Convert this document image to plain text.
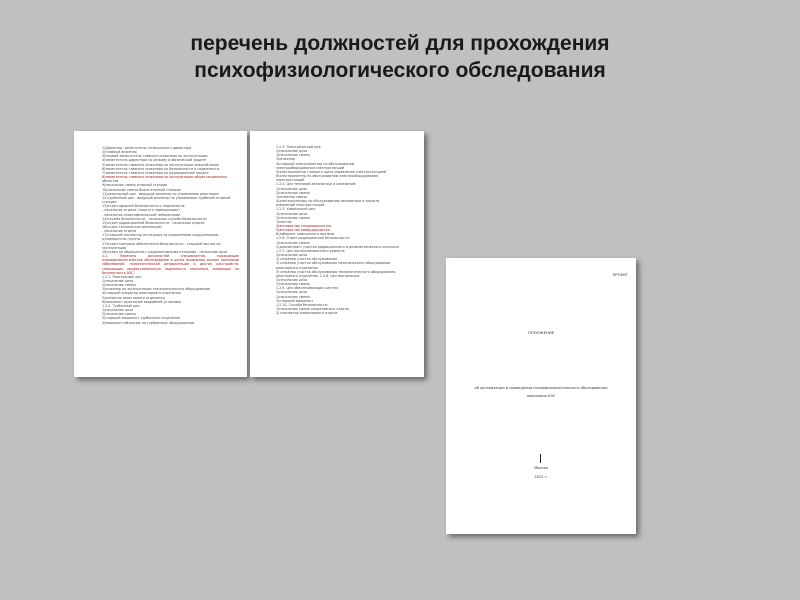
перечень должностей для прохождения
психофизиологического обследования
1)Директор, заместитель генерального директора
2)главный инженер
3)первый заместитель главного инженера по эксплуатации
4)заместитель директора по режиму и физической защите
5)заместитель главного инженера по эксплуатации энергоблоков
6)заместитель главного инженера по безопасности и надежности
7)заместитель главного инженера по радиационной защите
8)заместитель главного инженера по эксплуатации общестанционных
объектов
9)начальник смены атомной станции
10)начальник смены блока атомной станции
11)реакторный цех - ведущий инженер по управлению реактором
12)турбинный цех - ведущий инженер по управлению турбиной атомной
станции
13)отдел ядерной безопасности и надежности:
- начальник отдела (лица его замещающие)
- начальник энергофизической лаборатории
14)служба безопасности - начальник службы безопасности
15)отдел радиационной безопасности - начальник отдела
16)отдел технических инспекций:
- начальник отдела
17)старший инспектор по надзору за подъемными сооружениями -
руководитель группы
17)отдел контроля обеспечения безопасности - старший мастер по
эксплуатации
18)отдел по обращению с радиоактивными отходами - начальник цеха
1.2. Перечень должностей специалистов, проходящих психофизиологическое обследование в целях выявления ранних признаков заболеваний, психологической дезадаптации и других расстройств, снижающих профессиональную надежность персонала, влияющих на безопасность АЭС:
1.2.1. Реакторный цех:
1)начальник цеха
2)начальник смены
3)инженер по эксплуатации технологического оборудования
4)старший оператор реакторного отделения
5)оператор реакторного отделения
6)машинист дизельной аварийной установки
1.2.2. Турбинный цех:
1)начальник цеха
2)начальник смены
3)старший машинист турбинного отделения
4)машинист-обходчик по турбинному оборудованию
1.2.3. Электрический цех:
1)начальник цеха
2)начальник смены
3)инженер
4)старший электромонтер по обслуживанию
электрооборудования электростанций
5)электромонтер главного щита управления электростанцией
6)электромонтер по обслуживанию электрооборудования
электростанций
1.2.4. Цех тепловой автоматики и измерений:
1)начальник цеха
2)начальник смены
3)инженер смены
4)электрослесарь по обслуживанию автоматики и средств
измерений электростанций
1.2.5. Химический цех:
1)начальник цеха
2)начальник смены
3)мастер
4)аппаратчик спецводоочистки
5)аппаратчик химводоочистки
6)лаборант химического анализа
1.2.6. Отдел радиационной безопасности:
1)начальник смены
2)дозиметрист участка радиационного и дозиметрического контроля
1.2.7. Цех централизованного ремонта:
1)начальник цеха
2) инженер участка обслуживания
3) инженер участка обслуживания механического оборудования
реакторного отделения
3) инженер участка обслуживания технологического оборудования
реакторного отделения. 1.2.8. Цех вентиляции:
1)начальник цеха
2)начальник смены
1.2.9. Цех обеспечивающих систем:
1)начальник цеха
2)начальник смены
3)старший машинист
1.2.10. Служба безопасности:
1)начальник смены оперативного отдела
2) инспектор оперативного отдела
ПРОЕКТ
ПОЛОЖЕНИЕ
об организации и проведении психофизиологического обследования
персонала АЭС
Москва
2012 г.
